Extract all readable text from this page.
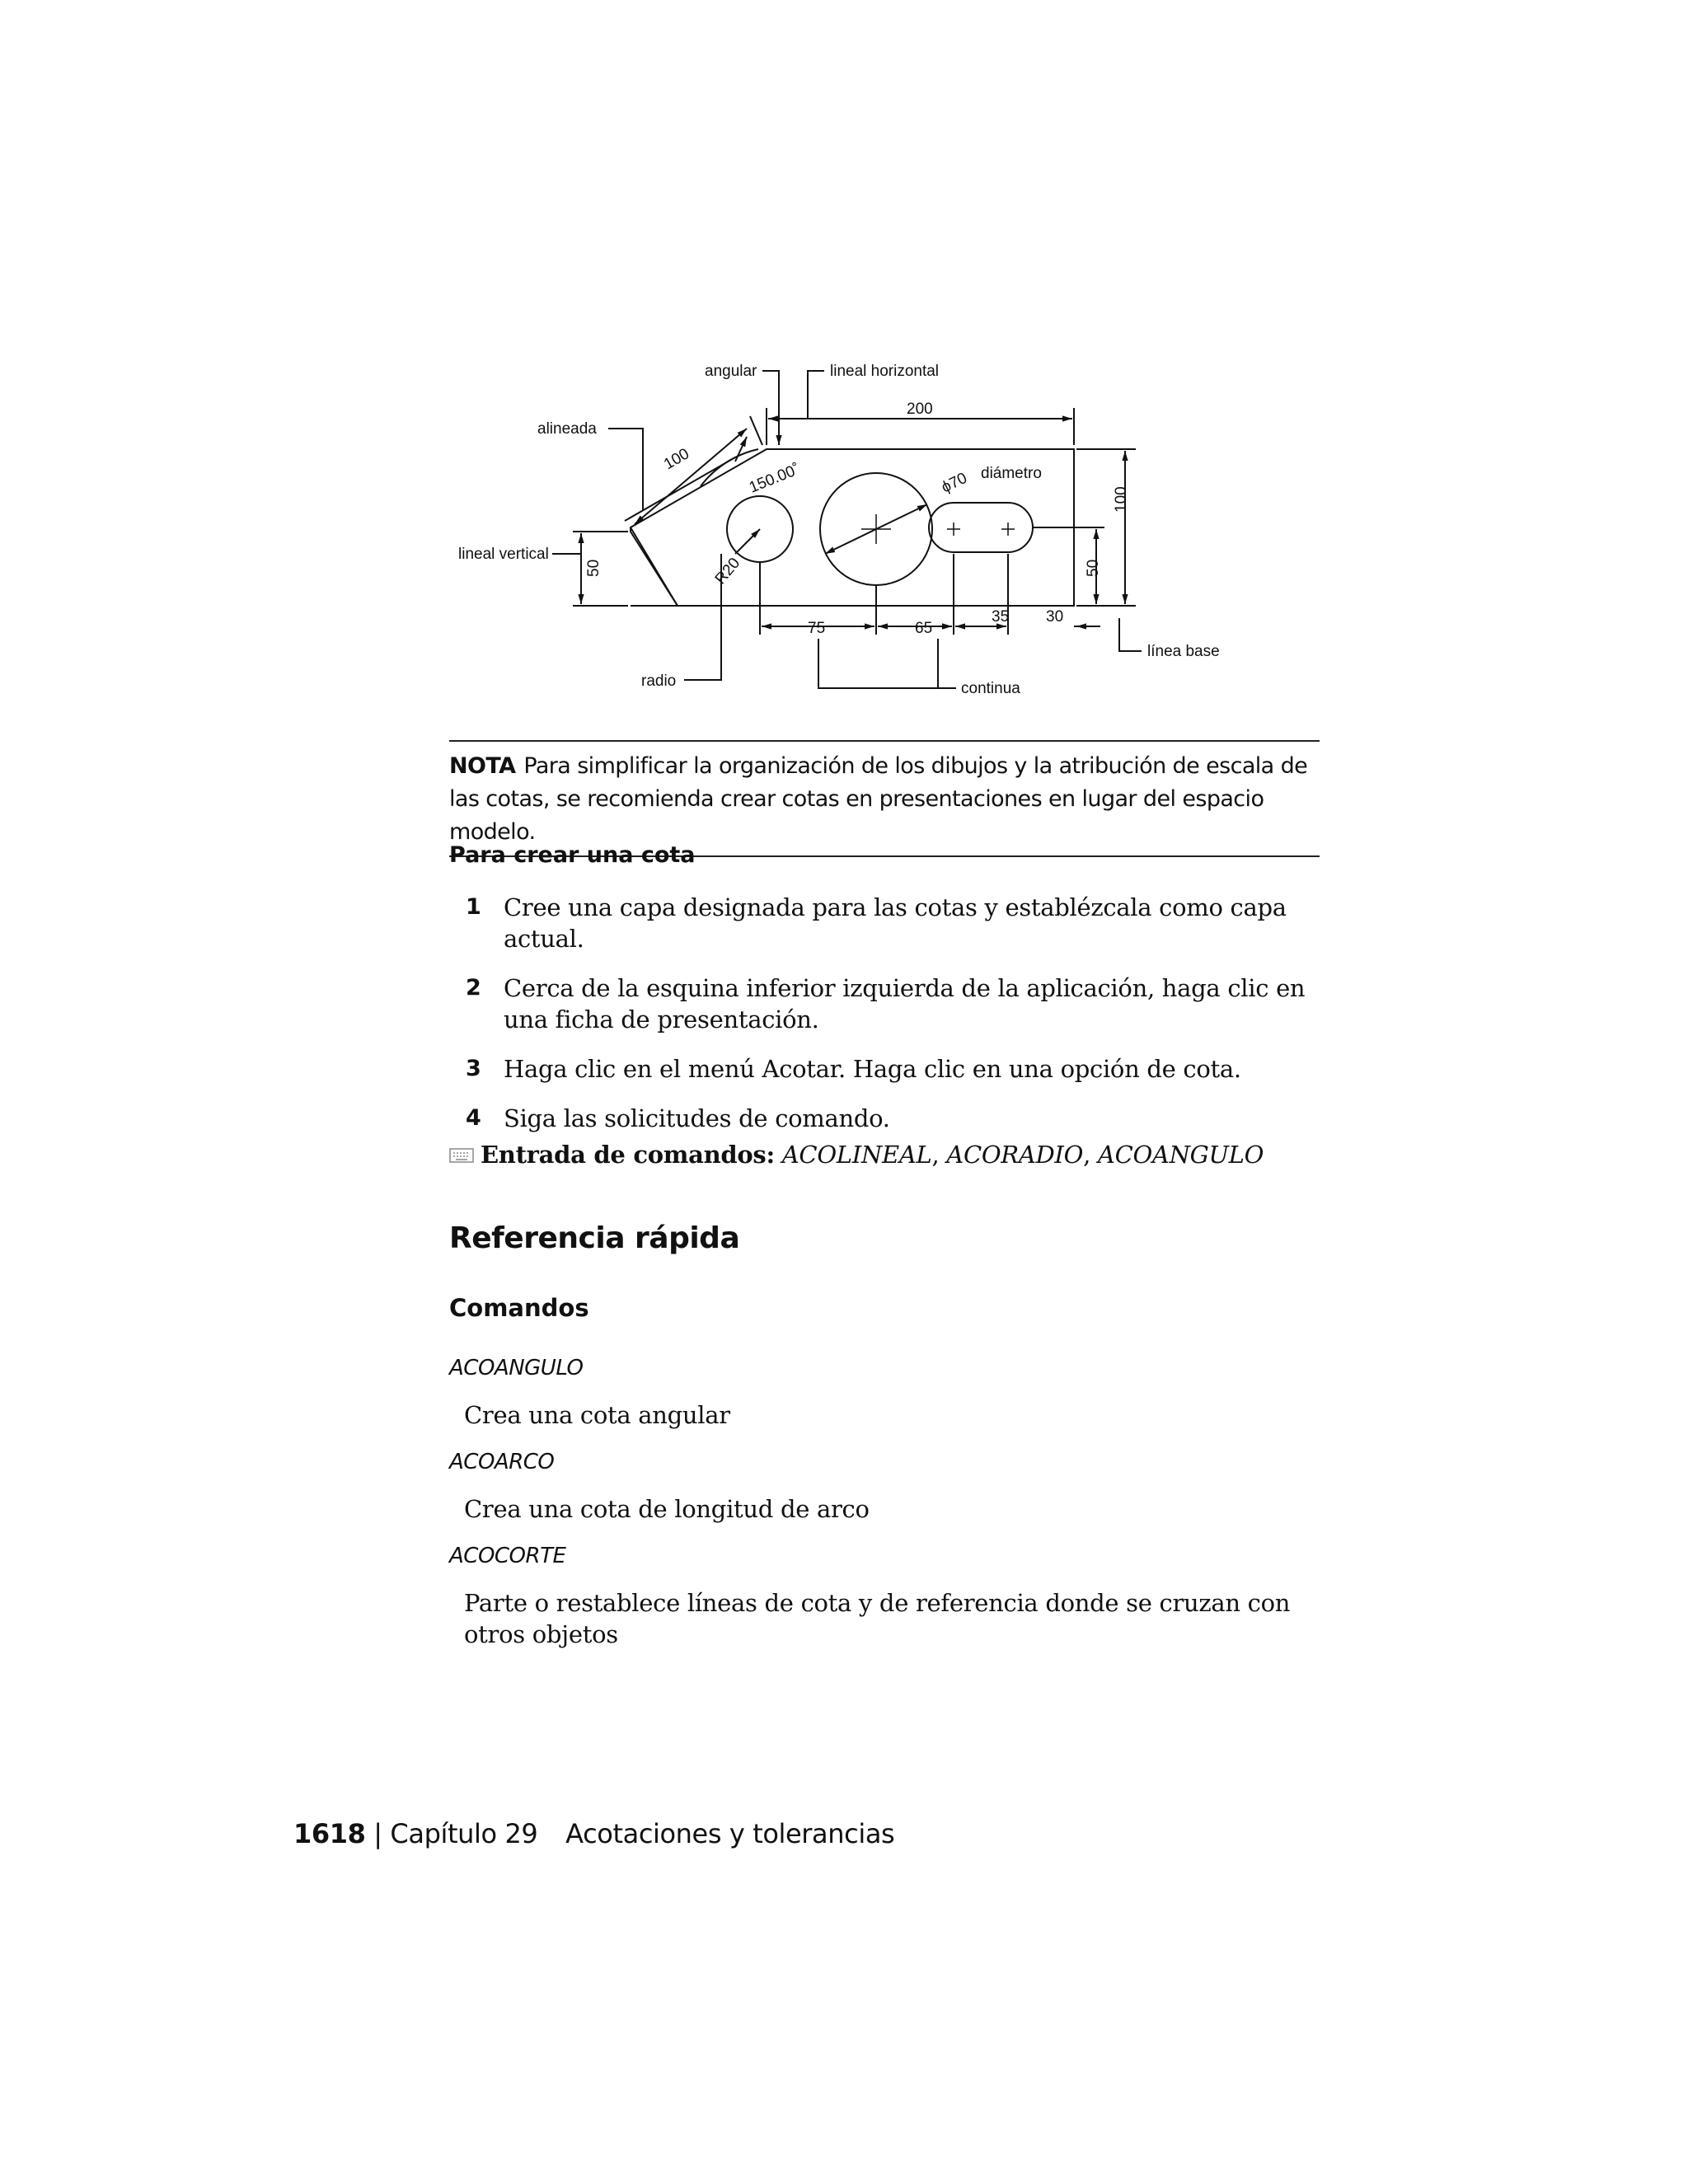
angular	lineal horizontal
alineada
lineal vertical
diámetro
radio	continua
línea base
200
100
150.00˚	ϕ70
100
50
50	R20
75	65
35 30
NOTA Para simplificar la organización de los dibujos y la atribución de escala de las cotas, se recomienda crear cotas en presentaciones en lugar del espacio modelo.
Para crear una cota
1 Cree una capa designada para las cotas y establézcala como capa actual.
2 Cerca de la esquina inferior izquierda de la aplicación, haga clic en una ficha de presentación.
3 Haga clic en el menú Acotar. Haga clic en una opción de cota.
4 Siga las solicitudes de comando.
Entrada de comandos: ACOLINEAL, ACORADIO, ACOANGULO
Referencia rápida
Comandos
ACOANGULO
Crea una cota angular
ACOARCO
Crea una cota de longitud de arco
ACOCORTE
Parte o restablece líneas de cota y de referencia donde se cruzan con otros objetos
1618 | Capítulo 29 Acotaciones y tolerancias
